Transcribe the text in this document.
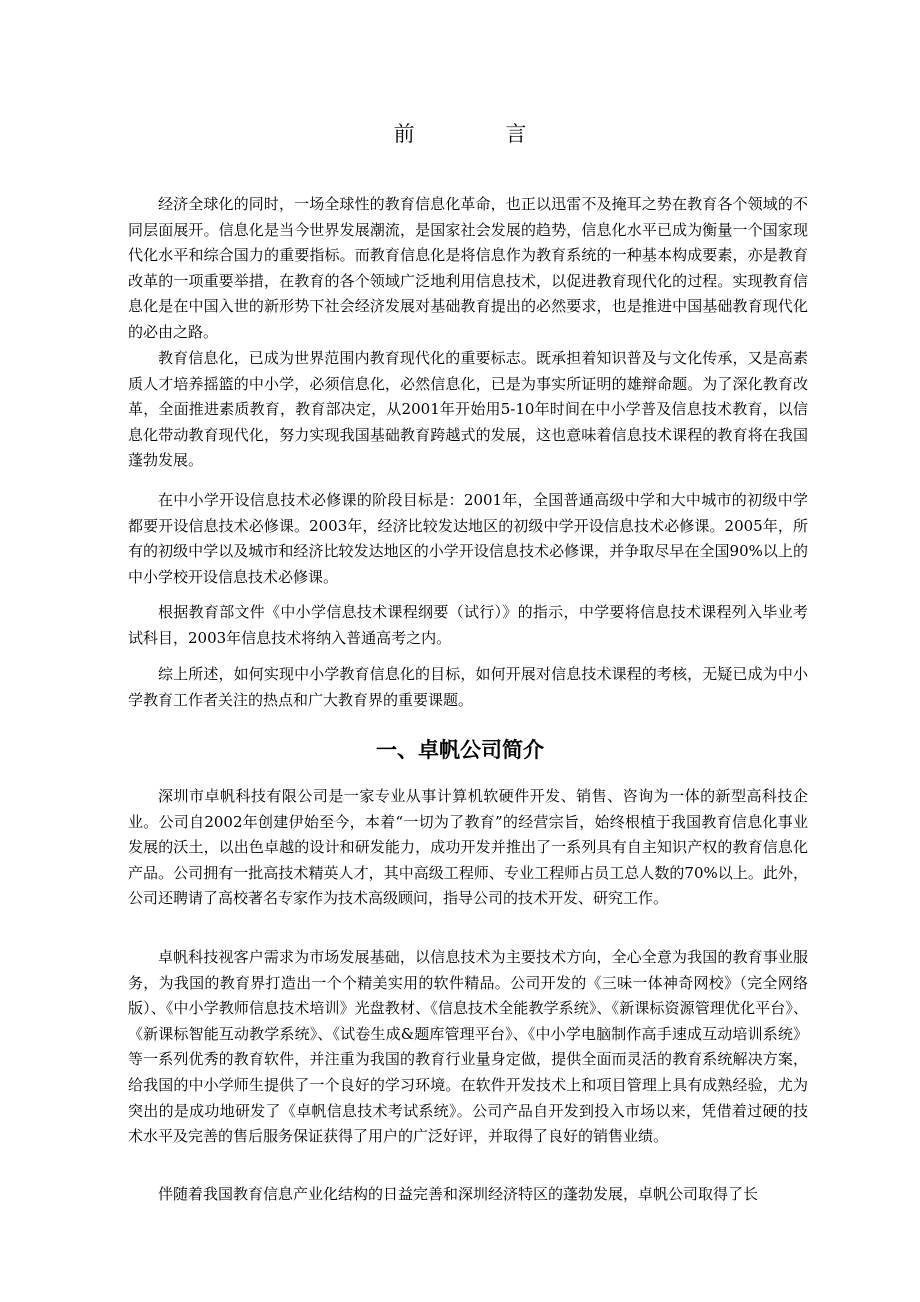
前 言

经济全球化的同时，一场全球性的教育信息化革命，也正以迅雷不及掩耳之势在教育各个领域的不同层面展开。信息化是当今世界发展潮流，是国家社会发展的趋势，信息化水平已成为衡量一个国家现代化水平和综合国力的重要指标。而教育信息化是将信息作为教育系统的一种基本构成要素，亦是教育改革的一项重要举措，在教育的各个领域广泛地利用信息技术，以促进教育现代化的过程。实现教育信息化是在中国入世的新形势下社会经济发展对基础教育提出的必然要求，也是推进中国基础教育现代化的必由之路。

教育信息化，已成为世界范围内教育现代化的重要标志。既承担着知识普及与文化传承，又是高素质人才培养摇篮的中小学，必须信息化，必然信息化，已是为事实所证明的雄辩命题。为了深化教育改革，全面推进素质教育，教育部决定，从2001年开始用5-10年时间在中小学普及信息技术教育，以信息化带动教育现代化，努力实现我国基础教育跨越式的发展，这也意味着信息技术课程的教育将在我国蓬勃发展。

在中小学开设信息技术必修课的阶段目标是：2001年，全国普通高级中学和大中城市的初级中学都要开设信息技术必修课。2003年，经济比较发达地区的初级中学开设信息技术必修课。2005年，所有的初级中学以及城市和经济比较发达地区的小学开设信息技术必修课，并争取尽早在全国90%以上的中小学校开设信息技术必修课。

根据教育部文件《中小学信息技术课程纲要（试行）》的指示，中学要将信息技术课程列入毕业考试科目，2003年信息技术将纳入普通高考之内。

综上所述，如何实现中小学教育信息化的目标，如何开展对信息技术课程的考核，无疑已成为中小学教育工作者关注的热点和广大教育界的重要课题。

一、卓帆公司简介

深圳市卓帆科技有限公司是一家专业从事计算机软硬件开发、销售、咨询为一体的新型高科技企业。公司自2002年创建伊始至今，本着“一切为了教育”的经营宗旨，始终根植于我国教育信息化事业发展的沃土，以出色卓越的设计和研发能力，成功开发并推出了一系列具有自主知识产权的教育信息化产品。公司拥有一批高技术精英人才，其中高级工程师、专业工程师占员工总人数的70%以上。此外，公司还聘请了高校著名专家作为技术高级顾问，指导公司的技术开发、研究工作。

卓帆科技视客户需求为市场发展基础，以信息技术为主要技术方向，全心全意为我国的教育事业服务，为我国的教育界打造出一个个精美实用的软件精品。公司开发的《三味一体神奇网校》（完全网络版）、《中小学教师信息技术培训》光盘教材、《信息技术全能教学系统》、《新课标资源管理优化平台》、《新课标智能互动教学系统》、《试卷生成&题库管理平台》、《中小学电脑制作高手速成互动培训系统》等一系列优秀的教育软件，并注重为我国的教育行业量身定做，提供全面而灵活的教育系统解决方案，给我国的中小学师生提供了一个良好的学习环境。在软件开发技术上和项目管理上具有成熟经验，尤为突出的是成功地研发了《卓帆信息技术考试系统》。公司产品自开发到投入市场以来，凭借着过硬的技术水平及完善的售后服务保证获得了用户的广泛好评，并取得了良好的销售业绩。

伴随着我国教育信息产业化结构的日益完善和深圳经济特区的蓬勃发展，卓帆公司取得了长
